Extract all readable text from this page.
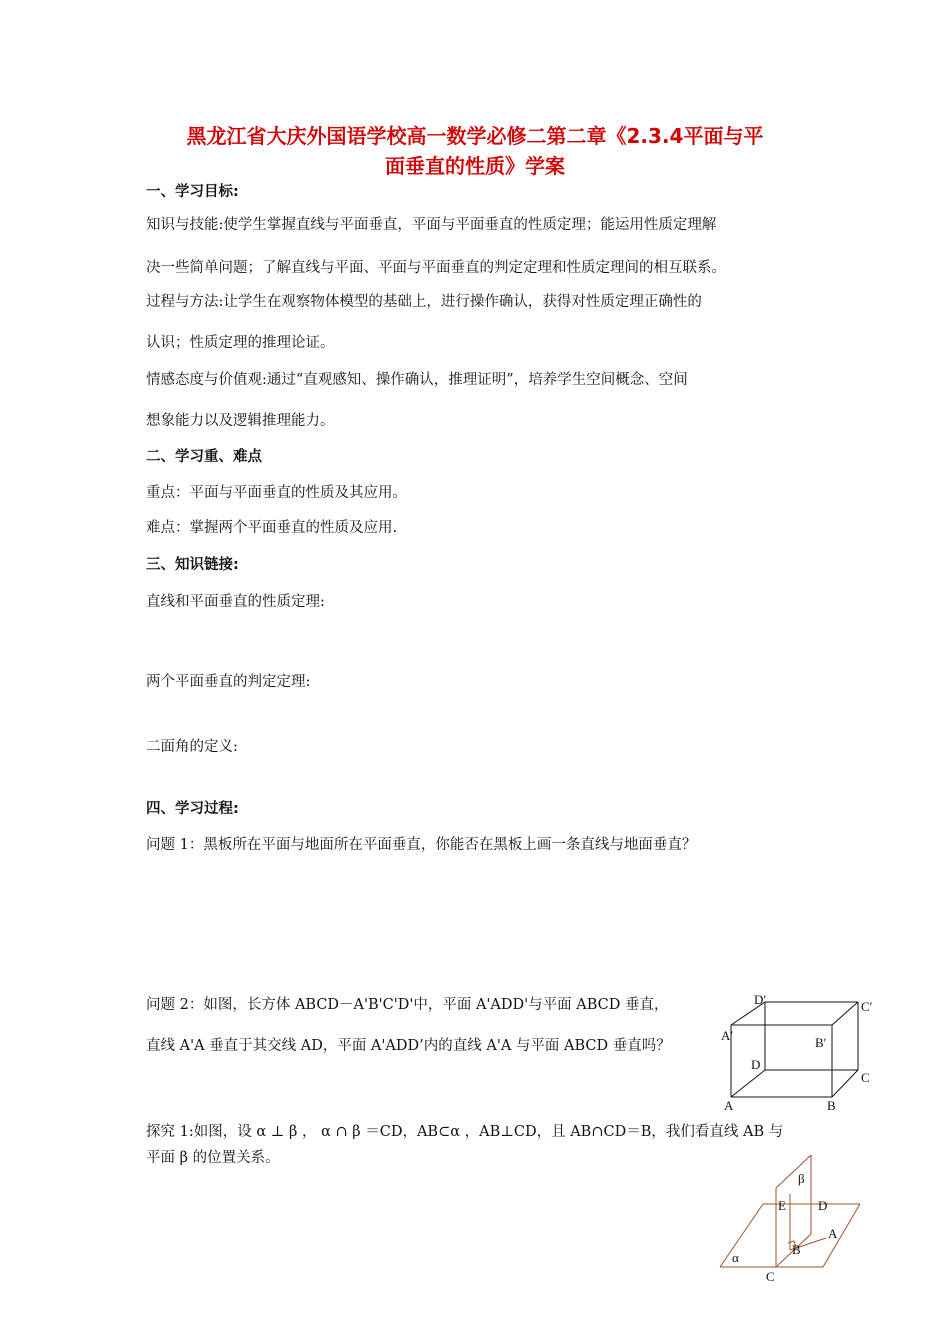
黑龙江省大庆外国语学校高一数学必修二第二章《2.3.4平面与平
面垂直的性质》学案
一、学习目标:
知识与技能:使学生掌握直线与平面垂直，平面与平面垂直的性质定理；能运用性质定理解
决一些简单问题；了解直线与平面、平面与平面垂直的判定定理和性质定理间的相互联系。
过程与方法:让学生在观察物体模型的基础上，进行操作确认，获得对性质定理正确性的
认识；性质定理的推理论证。
情感态度与价值观:通过“直观感知、操作确认，推理证明”，培养学生空间概念、空间
想象能力以及逻辑推理能力。
二、学习重、难点
重点：平面与平面垂直的性质及其应用。
难点：掌握两个平面垂直的性质及应用.
三、知识链接:
直线和平面垂直的性质定理:
两个平面垂直的判定定理:
二面角的定义:
四、学习过程:
问题 1：黑板所在平面与地面所在平面垂直，你能否在黑板上画一条直线与地面垂直？
问题 2：如图，长方体 ABCD－A'B'C'D'中，平面 A'ADD'与平面 ABCD 垂直，
直线 A'A 垂直于其交线 AD，平面 A'ADD’内的直线 A'A 与平面 ABCD 垂直吗？
D′	C′
A′	B′
D
C
A	B
探究 1:如图，设 α ⊥ β ， α ∩ β ＝CD，AB⊂α ，AB⊥CD，且 AB∩CD＝B，我们看直线 AB 与
平面 β 的位置关系。
β
E D
A
B
α
C
